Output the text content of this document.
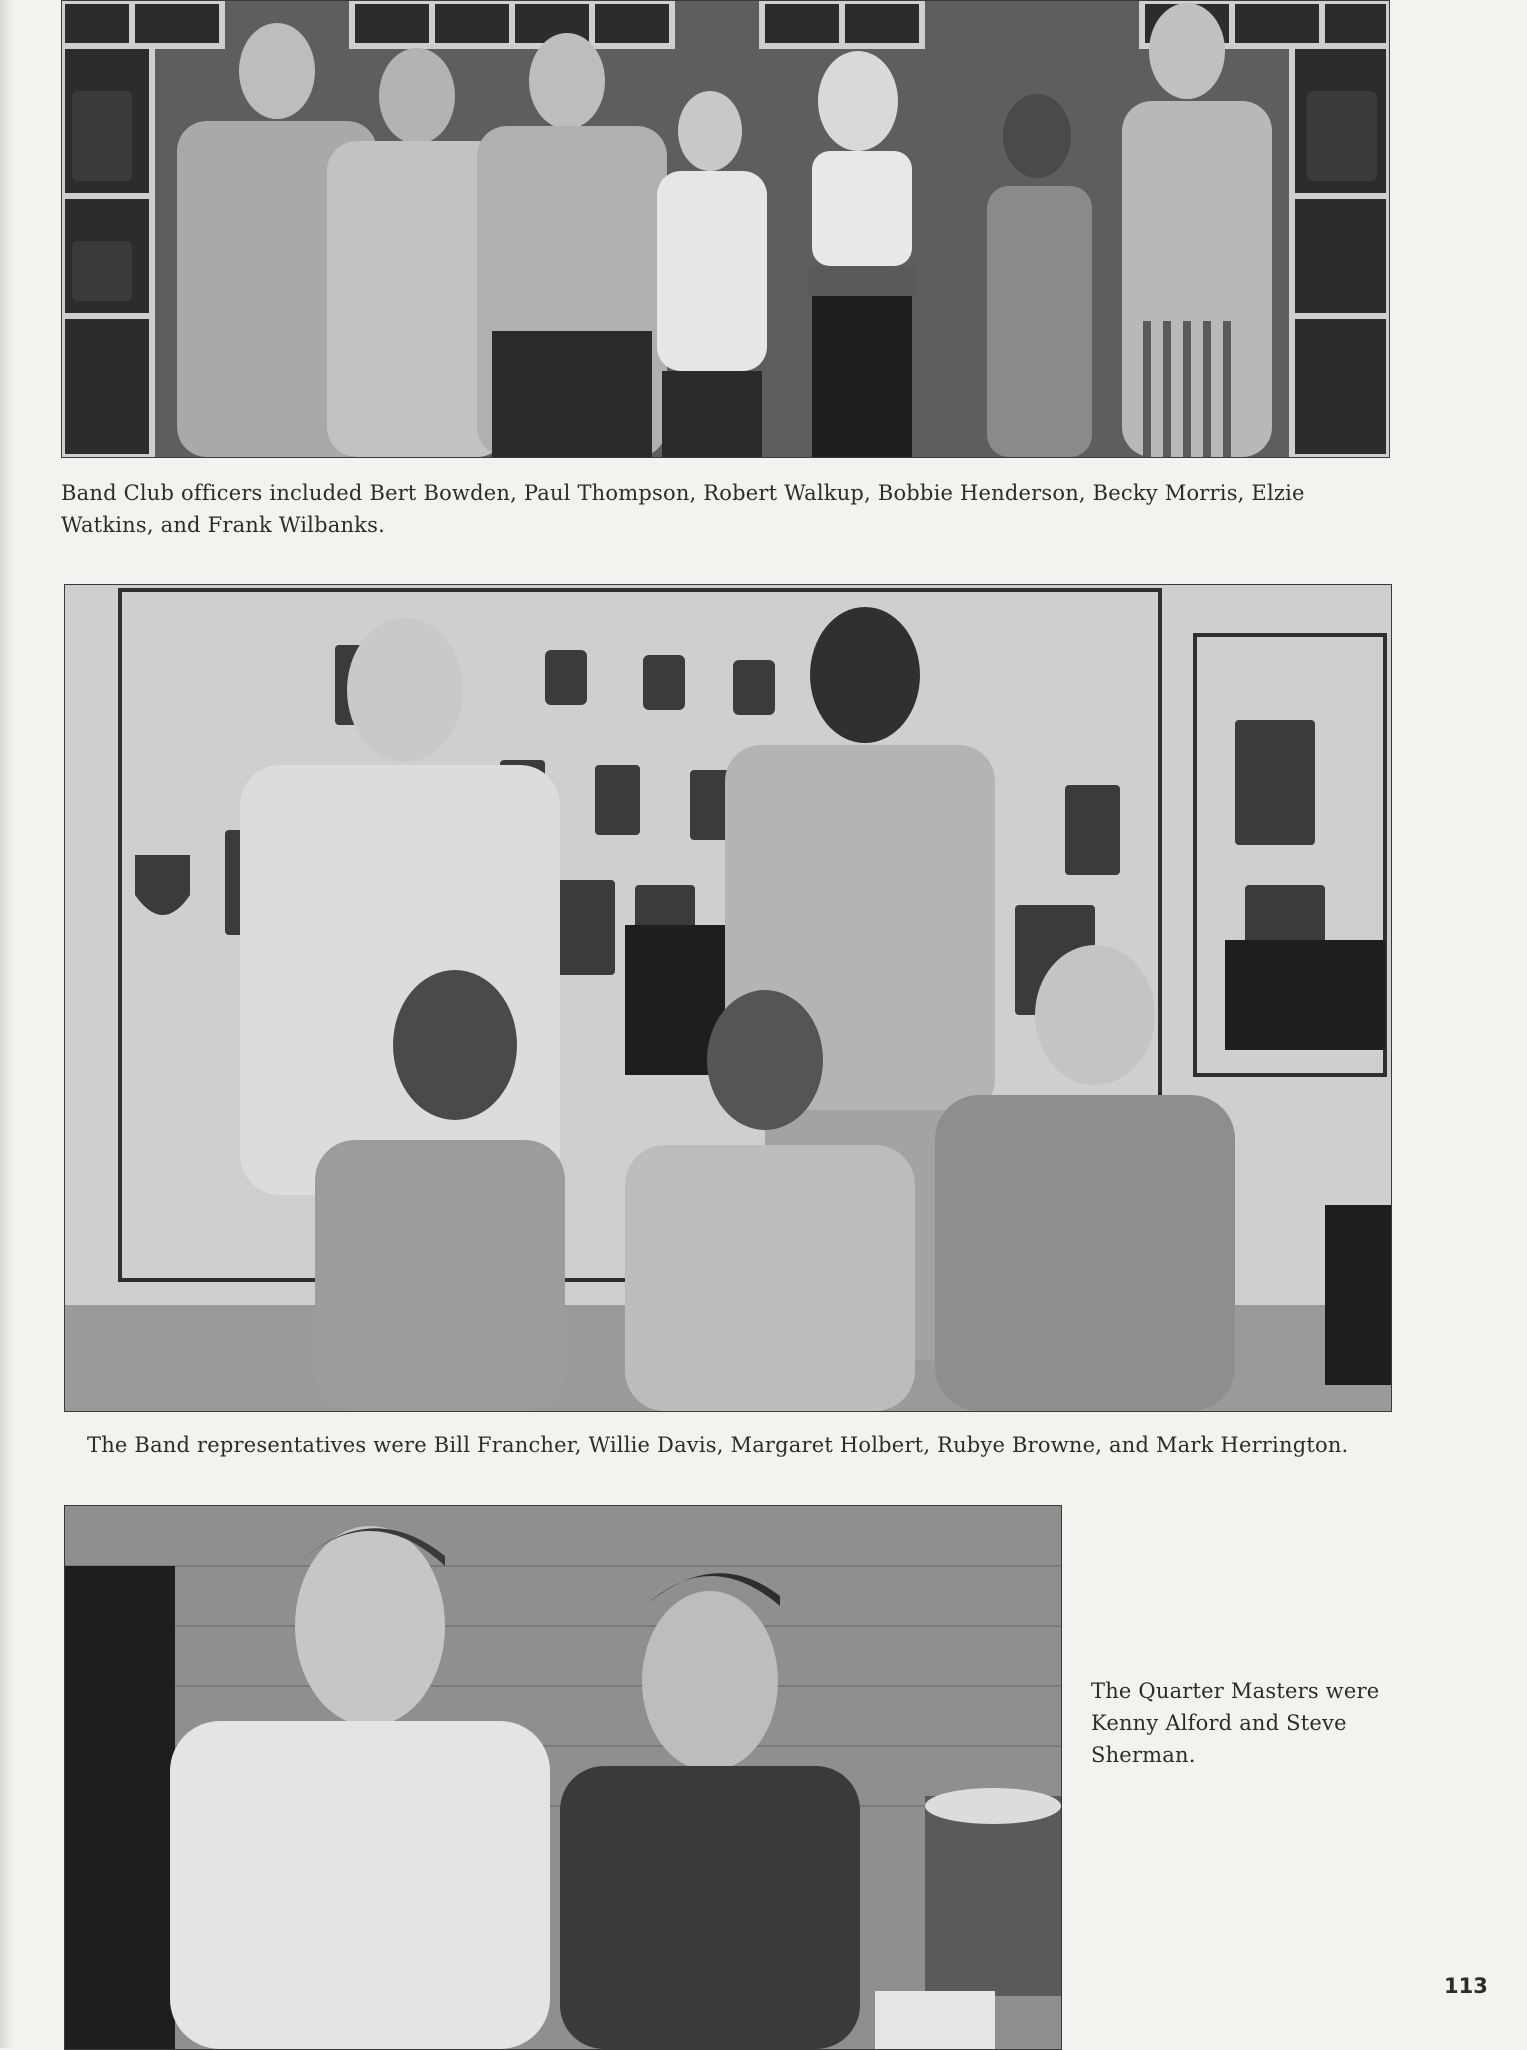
Band Club officers included Bert Bowden, Paul Thompson, Robert Walkup, Bobbie Henderson, Becky Morris, Elzie Watkins, and Frank Wilbanks.
The Band representatives were Bill Francher, Willie Davis, Margaret Holbert, Rubye Browne, and Mark Herrington.
The Quarter Masters were Kenny Alford and Steve Sherman.
113
